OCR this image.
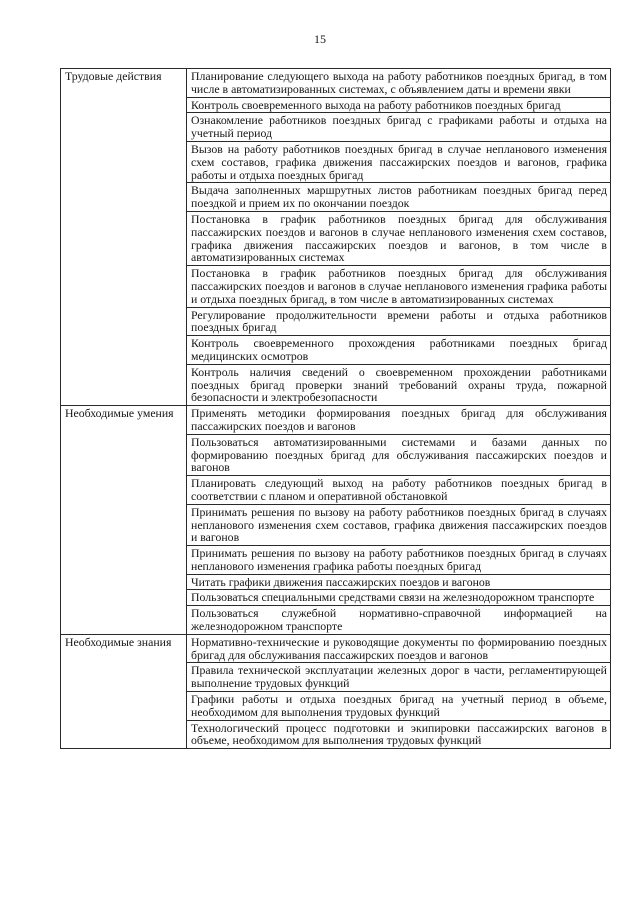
15
Трудовые действия	Планирование следующего выхода на работу работников поездных бригад, в том числе в автоматизированных системах, с объявлением даты и времени явки

	Контроль своевременного выхода на работу работников поездных бригад

	Ознакомление работников поездных бригад с графиками работы и отдыха на учетный период

	Вызов на работу работников поездных бригад в случае непланового изменения схем составов, графика движения пассажирских поездов и вагонов, графика работы и отдыха поездных бригад

	Выдача заполненных маршрутных листов работникам поездных бригад перед поездкой и прием их по окончании поездок

	Постановка в график работников поездных бригад для обслуживания пассажирских поездов и вагонов в случае непланового изменения схем составов, графика движения пассажирских поездов и вагонов, в том числе в автоматизированных системах

	Постановка в график работников поездных бригад для обслуживания пассажирских поездов и вагонов в случае непланового изменения графика работы и отдыха поездных бригад, в том числе в автоматизированных системах

	Регулирование продолжительности времени работы и отдыха работников поездных бригад

	Контроль своевременного прохождения работниками поездных бригад медицинских осмотров

	Контроль наличия сведений о своевременном прохождении работниками поездных бригад проверки знаний требований охраны труда, пожарной безопасности и электробезопасности

Необходимые умения	Применять методики формирования поездных бригад для обслуживания пассажирских поездов и вагонов

	Пользоваться автоматизированными системами и базами данных по формированию поездных бригад для обслуживания пассажирских поездов и вагонов

	Планировать следующий выход на работу работников поездных бригад в соответствии с планом и оперативной обстановкой

	Принимать решения по вызову на работу работников поездных бригад в случаях непланового изменения схем составов, графика движения пассажирских поездов и вагонов

	Принимать решения по вызову на работу работников поездных бригад в случаях непланового изменения графика работы поездных бригад

	Читать графики движения пассажирских поездов и вагонов

	Пользоваться специальными средствами связи на железнодорожном транспорте

	Пользоваться служебной нормативно-справочной информацией на железнодорожном транспорте

Необходимые знания	Нормативно-технические и руководящие документы по формированию поездных бригад для обслуживания пассажирских поездов и вагонов

	Правила технической эксплуатации железных дорог в части, регламентирующей выполнение трудовых функций

	Графики работы и отдыха поездных бригад на учетный период в объеме, необходимом для выполнения трудовых функций

	Технологический процесс подготовки и экипировки пассажирских вагонов в объеме, необходимом для выполнения трудовых функций
